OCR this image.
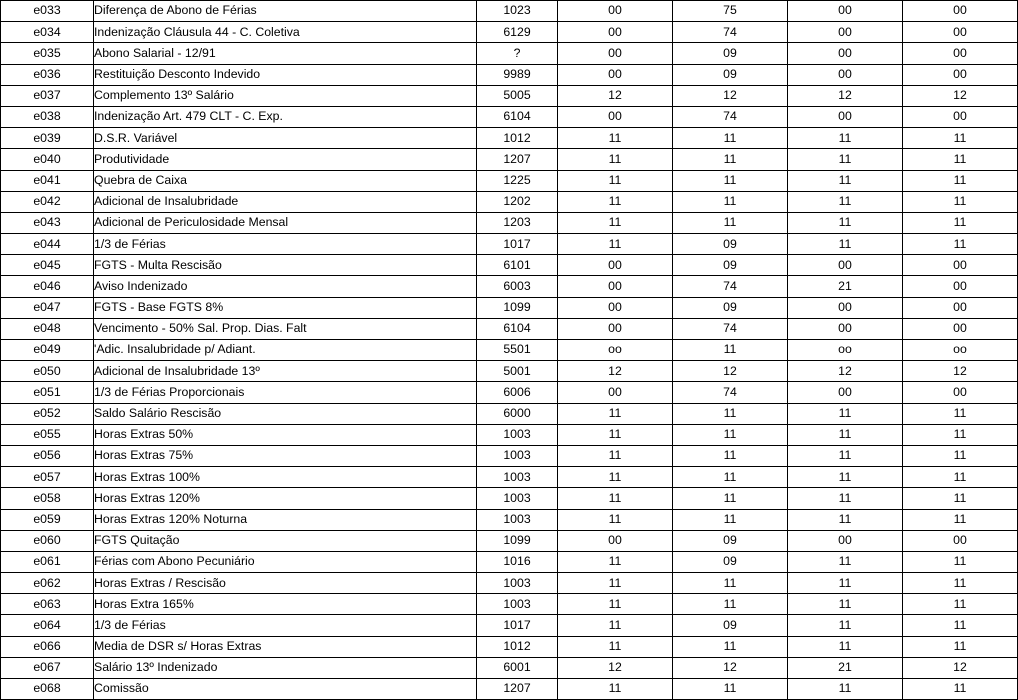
e033	Diferença de Abono de Férias	1023	00	75	00	00
e034	Indenização Cláusula 44 - C. Coletiva	6129	00	74	00	00
e035	Abono Salarial - 12/91	?	00	09	00	00
e036	Restituição Desconto Indevido	9989	00	09	00	00
e037	Complemento 13º Salário	5005	12	12	12	12
e038	Indenização Art. 479 CLT - C. Exp.	6104	00	74	00	00
e039	D.S.R. Variável	1012	11	11	11	11
e040	Produtividade	1207	11	11	11	11
e041	Quebra de Caixa	1225	11	11	11	11
e042	Adicional de Insalubridade	1202	11	11	11	11
e043	Adicional de Periculosidade Mensal	1203	11	11	11	11
e044	1/3 de Férias	1017	11	09	11	11
e045	FGTS - Multa Rescisão	6101	00	09	00	00
e046	Aviso Indenizado	6003	00	74	21	00
e047	FGTS - Base FGTS 8%	1099	00	09	00	00
e048	Vencimento - 50% Sal. Prop. Dias. Falt	6104	00	74	00	00
e049	'Adic. Insalubridade p/ Adiant.	5501	oo	11	oo	oo
e050	Adicional de Insalubridade 13º	5001	12	12	12	12
e051	1/3 de Férias Proporcionais	6006	00	74	00	00
e052	Saldo Salário Rescisão	6000	11	11	11	11
e055	Horas Extras 50%	1003	11	11	11	11
e056	Horas Extras 75%	1003	11	11	11	11
e057	Horas Extras 100%	1003	11	11	11	11
e058	Horas Extras 120%	1003	11	11	11	11
e059	Horas Extras 120% Noturna	1003	11	11	11	11
e060	FGTS Quitação	1099	00	09	00	00
e061	Férias com Abono Pecuniário	1016	11	09	11	11
e062	Horas Extras / Rescisão	1003	11	11	11	11
e063	Horas Extra 165%	1003	11	11	11	11
e064	1/3 de Férias	1017	11	09	11	11
e066	Media de DSR s/ Horas Extras	1012	11	11	11	11
e067	Salário 13º Indenizado	6001	12	12	21	12
e068	Comissão	1207	11	11	11	11
